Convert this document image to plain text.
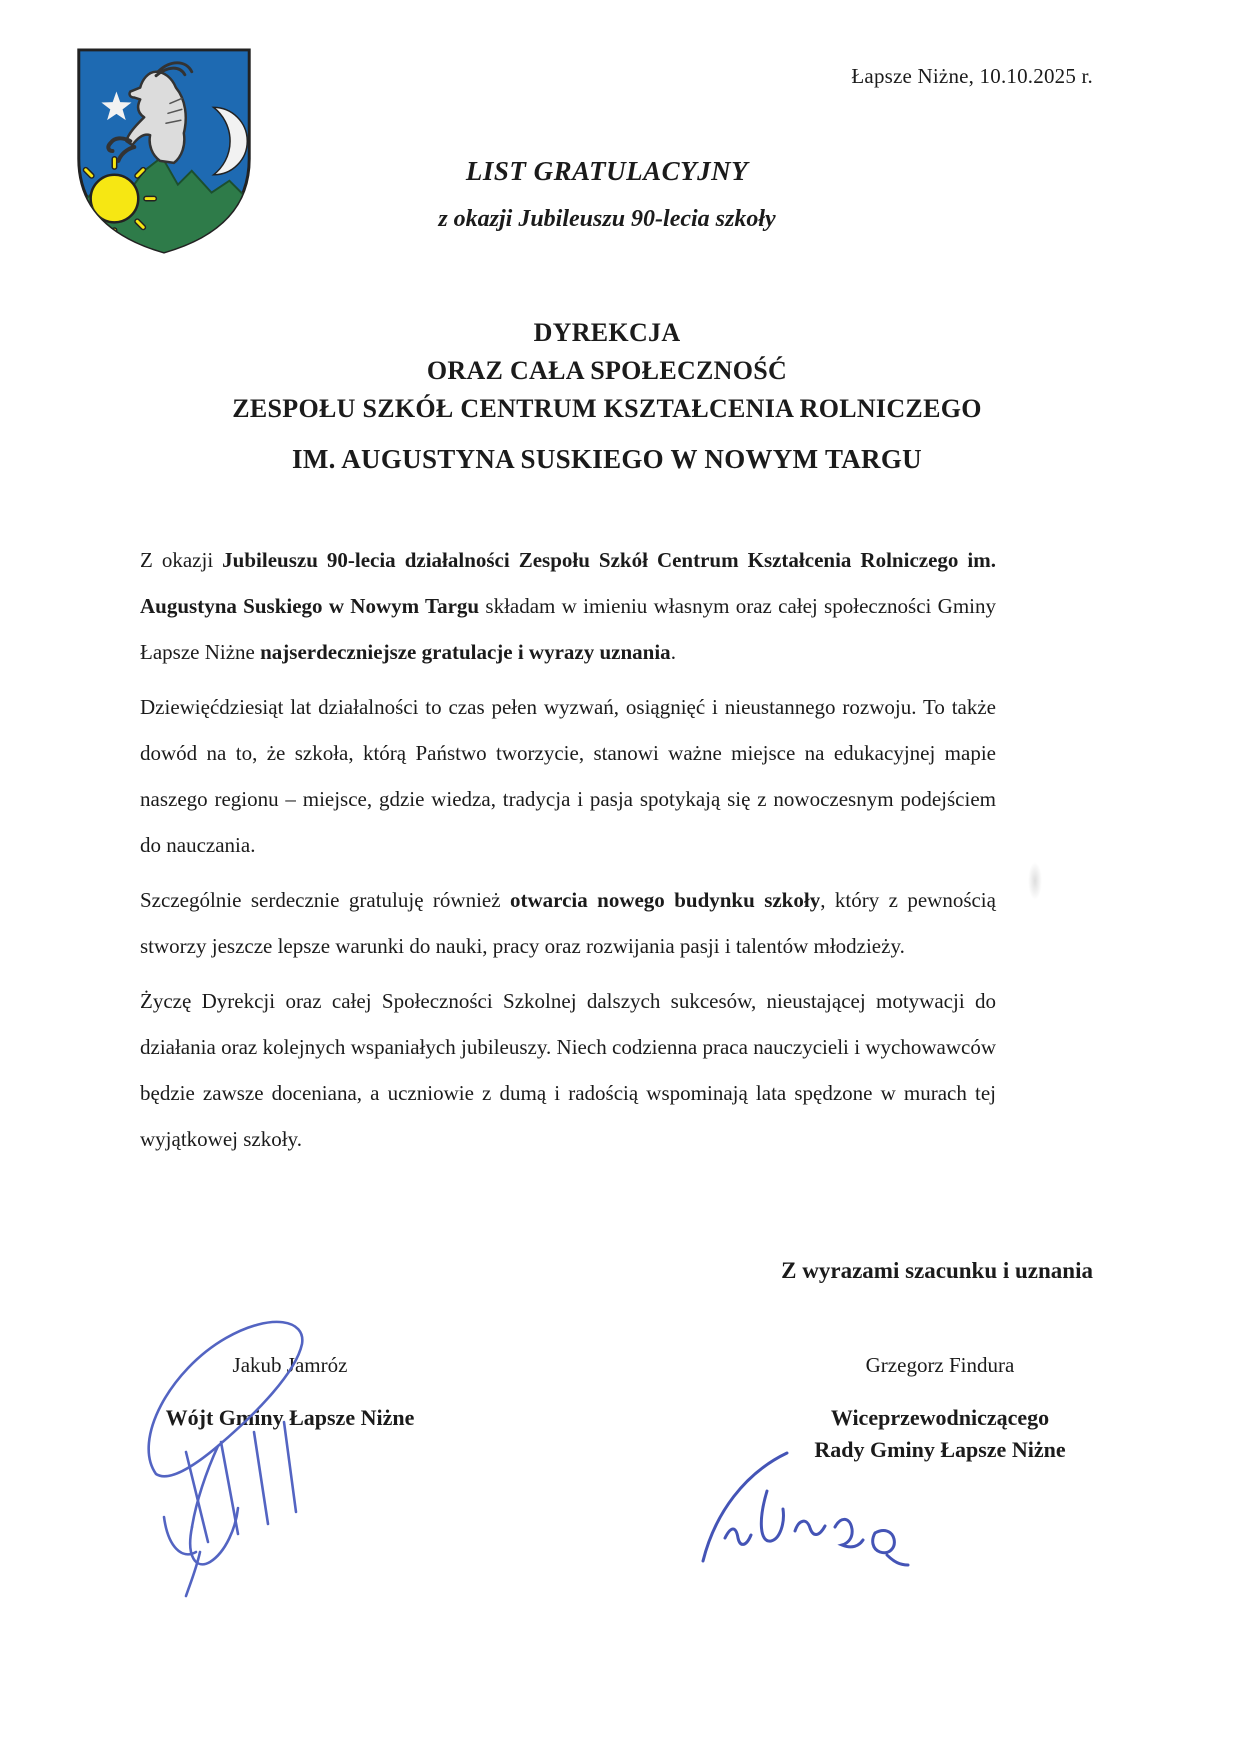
Łapsze Niżne, 10.10.2025 r.
LIST GRATULACYJNY
z okazji Jubileuszu 90-lecia szkoły
DYREKCJA
ORAZ CAŁA SPOŁECZNOŚĆ
ZESPOŁU SZKÓŁ CENTRUM KSZTAŁCENIA ROLNICZEGO
IM. AUGUSTYNA SUSKIEGO W NOWYM TARGU

Z okazji Jubileuszu 90-lecia działalności Zespołu Szkół Centrum Kształcenia Rolniczego im. Augustyna Suskiego w Nowym Targu składam w imieniu własnym oraz całej społeczności Gminy Łapsze Niżne najserdeczniejsze gratulacje i wyrazy uznania.

Dziewięćdziesiąt lat działalności to czas pełen wyzwań, osiągnięć i nieustannego rozwoju. To także dowód na to, że szkoła, którą Państwo tworzycie, stanowi ważne miejsce na edukacyjnej mapie naszego regionu – miejsce, gdzie wiedza, tradycja i pasja spotykają się z nowoczesnym podejściem do nauczania.

Szczególnie serdecznie gratuluję również otwarcia nowego budynku szkoły, który z pewnością stworzy jeszcze lepsze warunki do nauki, pracy oraz rozwijania pasji i talentów młodzieży.

Życzę Dyrekcji oraz całej Społeczności Szkolnej dalszych sukcesów, nieustającej motywacji do działania oraz kolejnych wspaniałych jubileuszy. Niech codzienna praca nauczycieli i wychowawców będzie zawsze doceniana, a uczniowie z dumą i radością wspominają lata spędzone w murach tej wyjątkowej szkoły.

Z wyrazami szacunku i uznania
Jakub Jamróz
Wójt Gminy Łapsze Niżne
Grzegorz Findura
Wiceprzewodniczącego
Rady Gminy Łapsze Niżne
